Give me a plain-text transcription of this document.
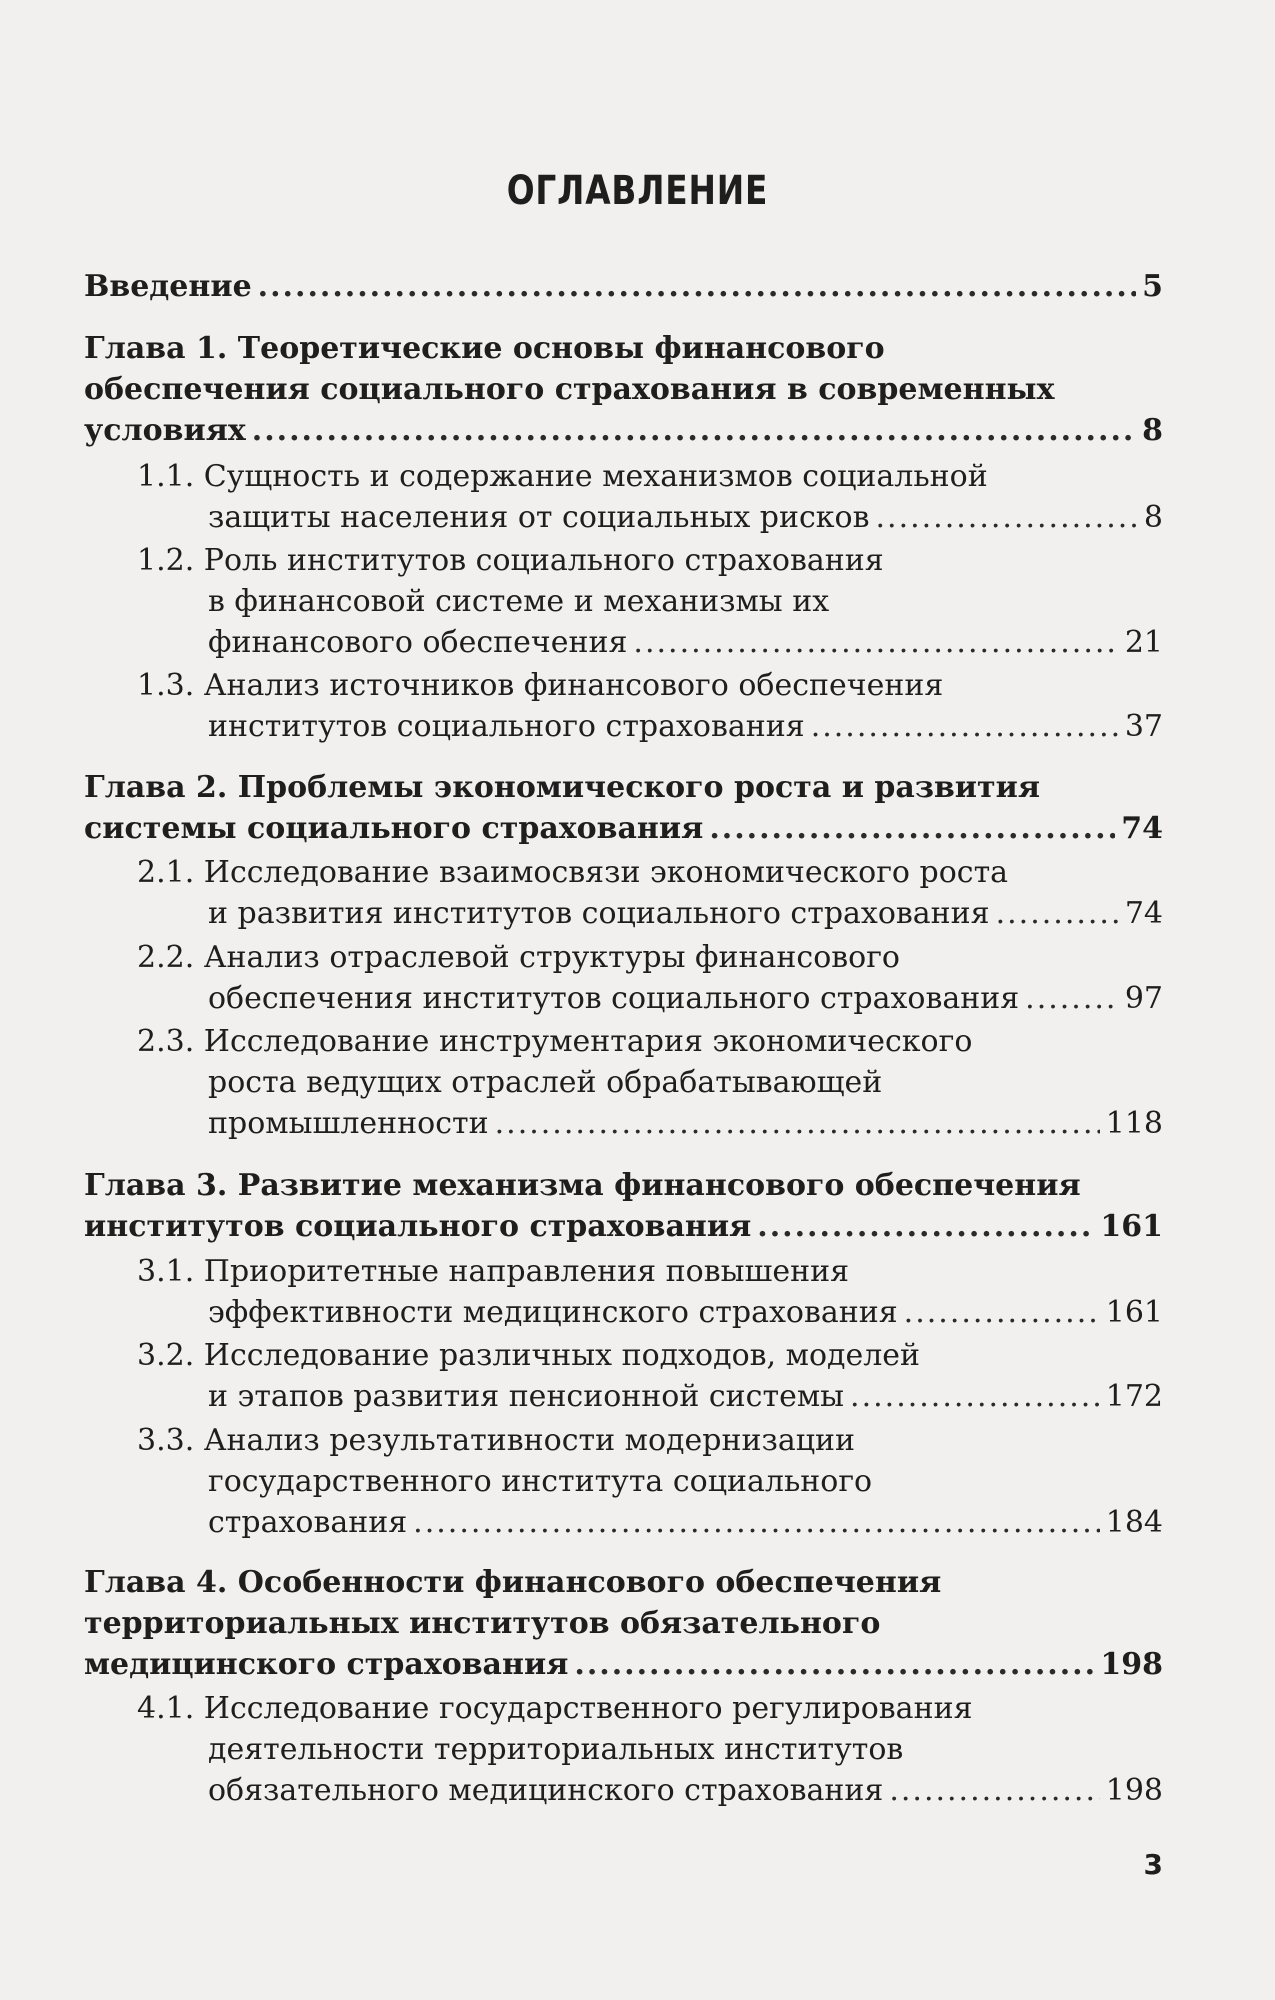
ОГЛАВЛЕНИЕ
Введение .....	5
Глава 1. Теоретические основы финансового
обеспечения социального страхования в современных
условиях .....	8
1.1. Сущность и содержание механизмов социальной
защиты населения от социальных рисков .....	8
1.2. Роль институтов социального страхования
в финансовой системе и механизмы их
финансового обеспечения .....	21
1.3. Анализ источников финансового обеспечения
институтов социального страхования .....	37
Глава 2. Проблемы экономического роста и развития
системы социального страхования .....	74
2.1. Исследование взаимосвязи экономического роста
и развития институтов социального страхования .....	74
2.2. Анализ отраслевой структуры финансового
обеспечения институтов социального страхования .....	97
2.3. Исследование инструментария экономического
роста ведущих отраслей обрабатывающей
промышленности .....	118
Глава 3. Развитие механизма финансового обеспечения
институтов социального страхования .....	161
3.1. Приоритетные направления повышения
эффективности медицинского страхования .....	161
3.2. Исследование различных подходов, моделей
и этапов развития пенсионной системы .....	172
3.3. Анализ результативности модернизации
государственного института социального
страхования .....	184
Глава 4. Особенности финансового обеспечения
территориальных институтов обязательного
медицинского страхования .....	198
4.1. Исследование государственного регулирования
деятельности территориальных институтов
обязательного медицинского страхования .....	198
3
